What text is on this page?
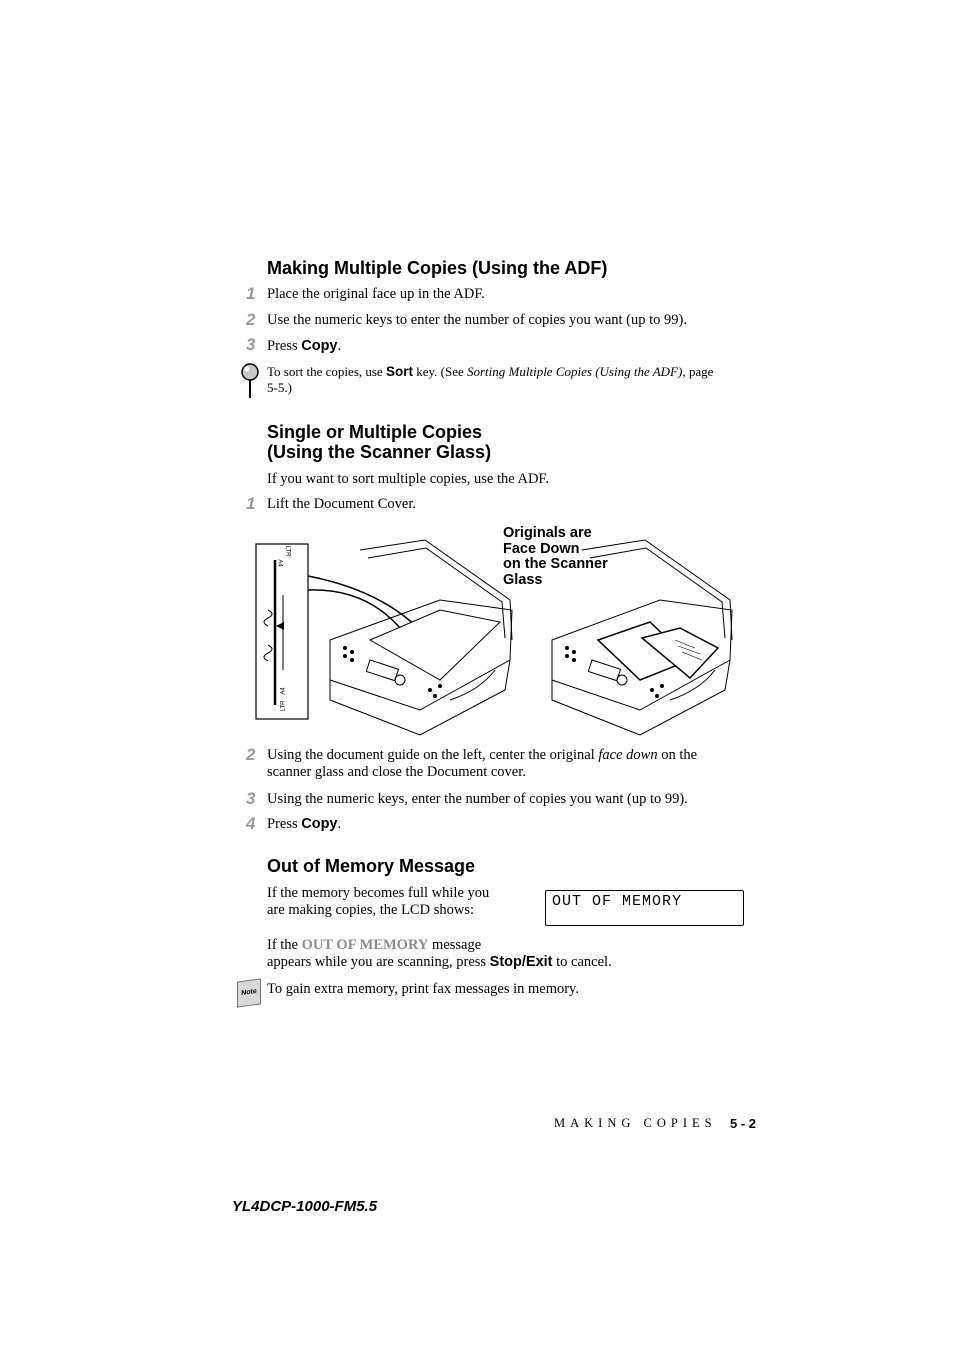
Making Multiple Copies (Using the ADF)
1 Place the original face up in the ADF.
2 Use the numeric keys to enter the number of copies you want (up to 99).
3 Press Copy.
To sort the copies, use Sort key. (See Sorting Multiple Copies (Using the ADF), page
5-5.)
Single or Multiple Copies
(Using the Scanner Glass)
If you want to sort multiple copies, use the ADF.
1 Lift the Document Cover.
A4
LTR
LTR
A4
Originals are
Face Down
on the Scanner
Glass
2 Using the document guide on the left, center the original face down on the
scanner glass and close the Document cover.
3 Using the numeric keys, enter the number of copies you want (up to 99).
4 Press Copy.
Out of Memory Message
If the memory becomes full while you
are making copies, the LCD shows:	OUT OF MEMORY
If the OUT OF MEMORY message
appears while you are scanning, press Stop/Exit to cancel.
Note To gain extra memory, print fax messages in memory.
MAKING COPIES 5 - 2
YL4DCP-1000-FM5.5
